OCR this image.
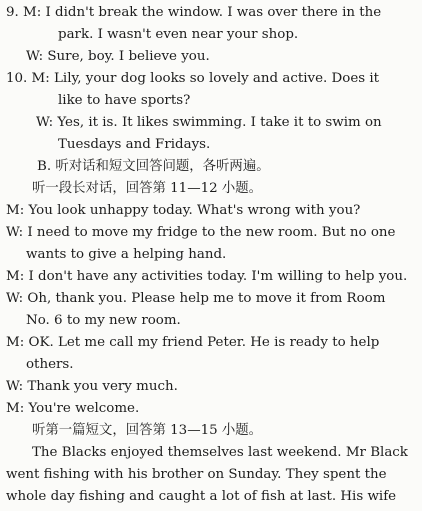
9. M: I didn't break the window. I was over there in the
park. I wasn't even near your shop.
W: Sure, boy. I believe you.
10. M: Lily, your dog looks so lovely and active. Does it
like to have sports?
W: Yes, it is. It likes swimming. I take it to swim on
Tuesdays and Fridays.
B. 听对话和短文回答问题，各听两遍。
听一段长对话，回答第 11—12 小题。
M: You look unhappy today. What's wrong with you?
W: I need to move my fridge to the new room. But no one
wants to give a helping hand.
M: I don't have any activities today. I'm willing to help you.
W: Oh, thank you. Please help me to move it from Room
No. 6 to my new room.
M: OK. Let me call my friend Peter. He is ready to help
others.
W: Thank you very much.
M: You're welcome.
听第一篇短文，回答第 13—15 小题。
The Blacks enjoyed themselves last weekend. Mr Black
went fishing with his brother on Sunday. They spent the
whole day fishing and caught a lot of fish at last. His wife
